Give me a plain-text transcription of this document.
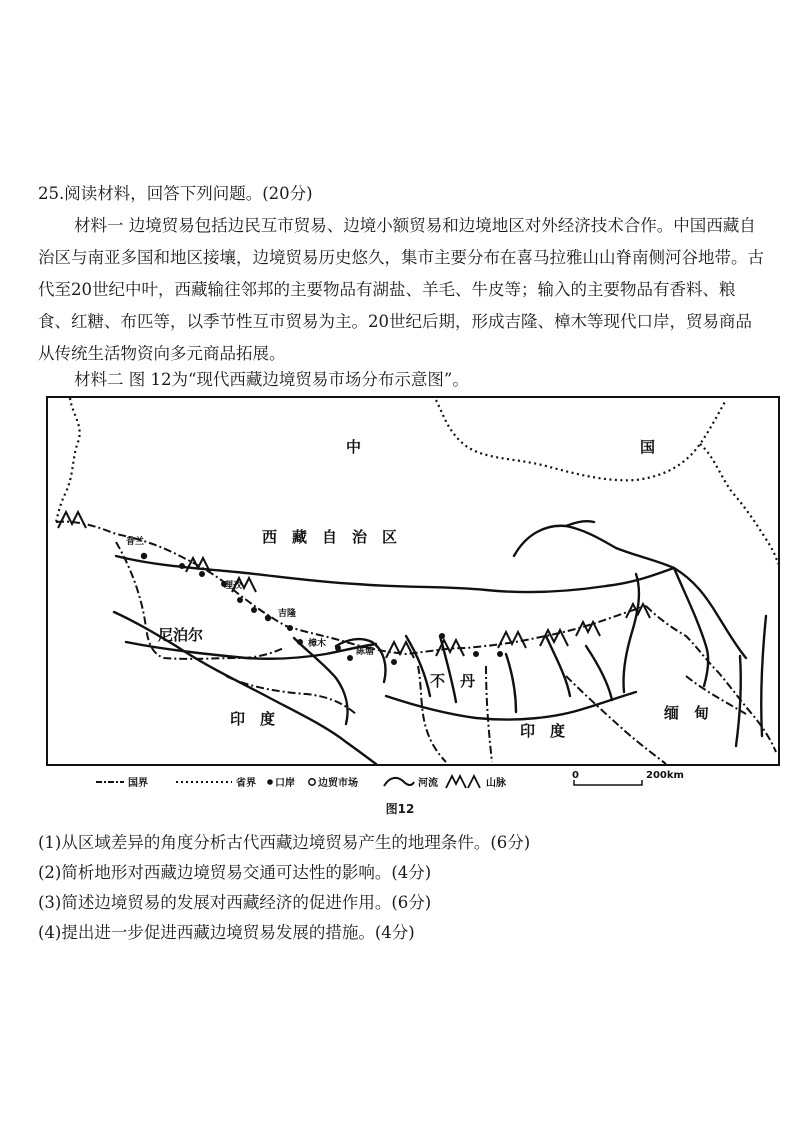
25.阅读材料，回答下列问题。(20分)

材料一 边境贸易包括边民互市贸易、边境小额贸易和边境地区对外经济技术合作。中国西藏自治区与南亚多国和地区接壤，边境贸易历史悠久，集市主要分布在喜马拉雅山山脊南侧河谷地带。古代至20世纪中叶，西藏输往邻邦的主要物品有湖盐、羊毛、牛皮等；输入的主要物品有香料、粮食、红糖、布匹等，以季节性互市贸易为主。20世纪后期，形成吉隆、樟木等现代口岸，贸易商品从传统生活物资向多元商品拓展。

材料二 图 12为“现代西藏边境贸易市场分布示意图”。

中	国
西　藏　自　治　区
尼泊尔
不　丹
印　度
印　度
缅　甸
普兰
理孜
吉隆
樟木
陈塘
国界	省界 口岸 边贸市场	河流	山脉
0	200km
图12

(1)从区域差异的角度分析古代西藏边境贸易产生的地理条件。(6分)

(2)简析地形对西藏边境贸易交通可达性的影响。(4分)

(3)简述边境贸易的发展对西藏经济的促进作用。(6分)

(4)提出进一步促进西藏边境贸易发展的措施。(4分)
